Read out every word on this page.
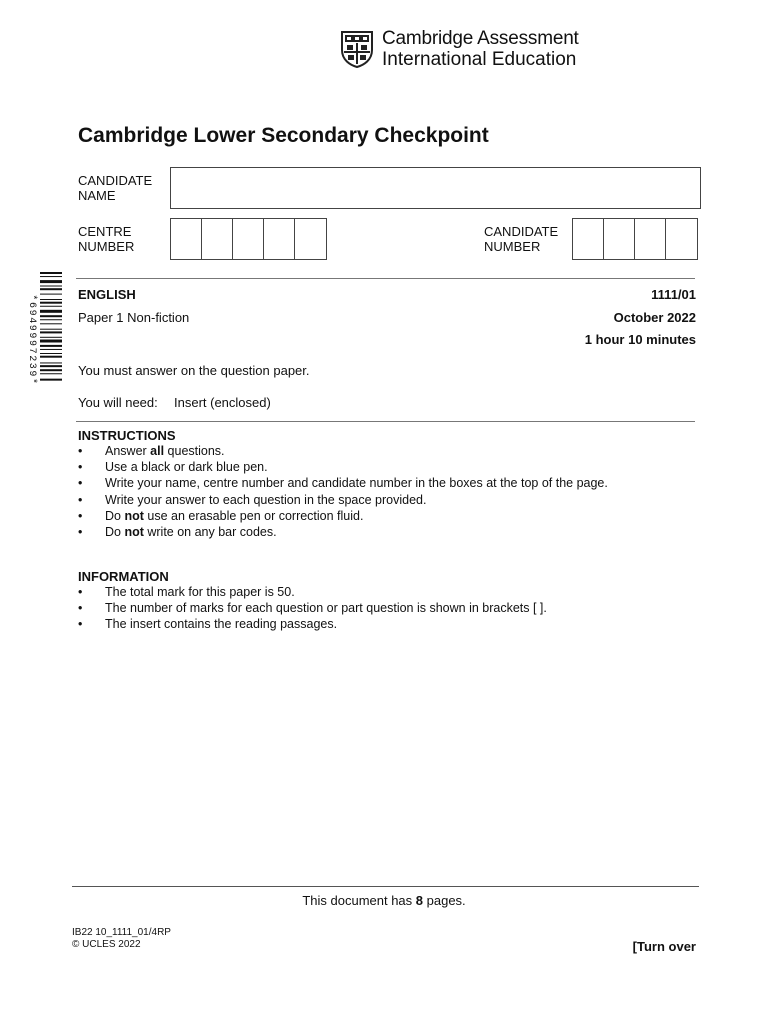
Cambridge Assessment
International Education
Cambridge Lower Secondary Checkpoint
CANDIDATE
NAME
CENTRE
NUMBER
CANDIDATE
NUMBER
*6949997239*	ENGLISH	1111/01
Paper 1 Non-fiction	October 2022
1 hour 10 minutes
You must answer on the question paper.
You will need: Insert (enclosed)
INSTRUCTIONS
• Answer all questions.
• Use a black or dark blue pen.
• Write your name, centre number and candidate number in the boxes at the top of the page.
• Write your answer to each question in the space provided.
• Do not use an erasable pen or correction fluid.
• Do not write on any bar codes.
INFORMATION
• The total mark for this paper is 50.
• The number of marks for each question or part question is shown in brackets [ ].
• The insert contains the reading passages.
This document has 8 pages.
IB22 10_1111_01/4RP
© UCLES 2022	[Turn over
